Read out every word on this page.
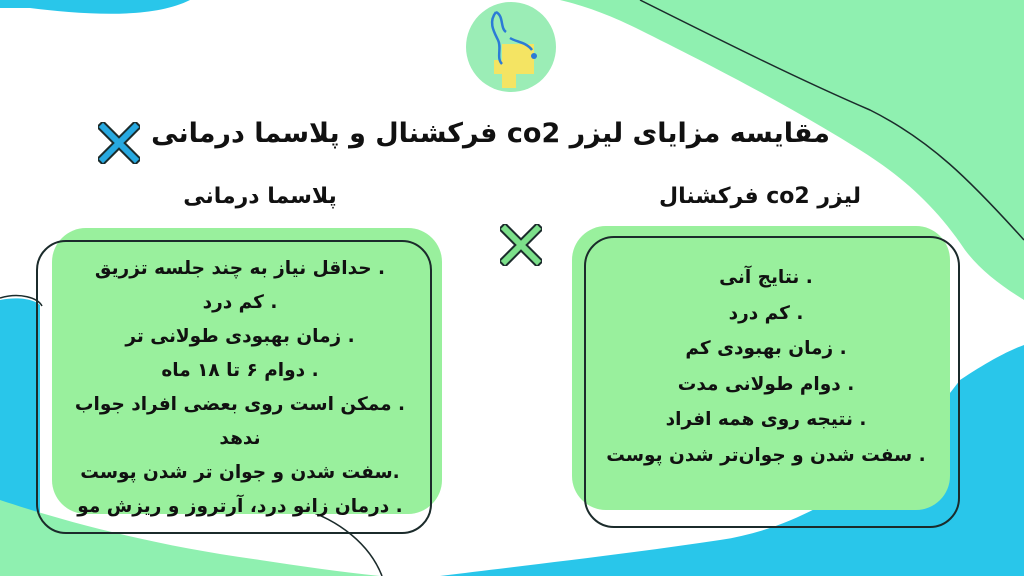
مقایسه مزایای لیزر co2 فرکشنال و پلاسما درمانی
پلاسما درمانی	لیزر co2 فرکشنال
. حداقل نیاز به چند جلسه تزریق
. کم درد
. زمان بهبودی طولانی تر
. دوام ۶ تا ۱۸ ماه
. ممکن است روی بعضی افراد جواب ندهد
.سفت شدن و جوان تر شدن پوست
. درمان زانو درد، آرتروز و ریزش مو
. نتایج آنی
. کم درد
. زمان بهبودی کم
. دوام طولانی مدت
. نتیجه روی همه افراد
. سفت شدن و جوان‌تر شدن پوست
